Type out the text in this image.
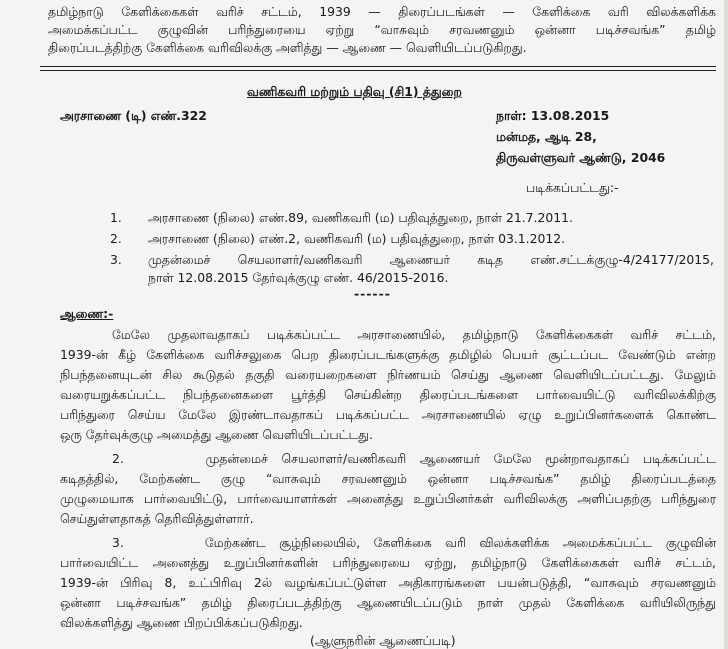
தமிழ்நாடு கேளிக்கைகள் வரிச் சட்டம், 1939 — திரைப்படங்கள் — கேளிக்கை வரி விலக்களிக்க
அமைக்கப்பட்ட குழுவின் பரிந்துரையை ஏற்று “வாசுவும் சரவணனும் ஒன்னா படிச்சவங்க” தமிழ்
திரைப்படத்திற்கு கேளிக்கை வரிவிலக்கு அளித்து — ஆணை — வெளியிடப்படுகிறது.
வணிகவரி மற்றும் பதிவு (சி1) த்துறை
அரசாணை (டி) எண்.322	நாள்: 13.08.2015
மன்மத, ஆடி 28,
திருவள்ளுவர் ஆண்டு, 2046
படிக்கப்பட்டது:-
1. அரசாணை (நிலை) எண்.89, வணிகவரி (ம) பதிவுத்துறை, நாள் 21.7.2011.
2. அரசாணை (நிலை) எண்.2, வணிகவரி (ம) பதிவுத்துறை, நாள் 03.1.2012.
3. முதன்மைச் செயலாளர்/வணிகவரி ஆணையர் கடித எண்.சட்டக்குழு-4/24177/2015,
நாள் 12.08.2015 தேர்வுக்குழு எண். 46/2015-2016.
------
ஆணை:-
மேலே முதலாவதாகப் படிக்கப்பட்ட அரசாணையில், தமிழ்நாடு கேளிக்கைகள் வரிச் சட்டம்,
1939-ன் கீழ் கேளிக்கை வரிச்சலுகை பெற திரைப்படங்களுக்கு தமிழில் பெயர் சூட்டப்பட வேண்டும் என்ற
நிபந்தனையுடன் சில கூடுதல் தகுதி வரையறைகளை நிர்ணயம் செய்து ஆணை வெளியிடப்பட்டது. மேலும்
வரையறுக்கப்பட்ட நிபந்தனைகளை பூர்த்தி செய்கின்ற திரைப்படங்களை பார்வையிட்டு வரிவிலக்கிற்கு
பரிந்துரை செய்ய மேலே இரண்டாவதாகப் படிக்கப்பட்ட அரசாணையில் ஏழு உறுப்பினர்களைக் கொண்ட
ஒரு தேர்வுக்குழு அமைத்து ஆணை வெளியிடப்பட்டது.
2.      முதன்மைச் செயலாளர்/வணிகவரி ஆணையர் மேலே மூன்றாவதாகப் படிக்கப்பட்ட
கடிதத்தில், மேற்கண்ட குழு “வாசுவும் சரவணனும் ஒன்னா படிச்சவங்க” தமிழ் திரைப்படத்தை
முழுமையாக பார்வையிட்டு, பார்வையாளர்கள் அனைத்து உறுப்பினர்கள் வரிவிலக்கு அளிப்பதற்கு பரிந்துரை
செய்துள்ளதாகத் தெரிவித்துள்ளார்.
3.      மேற்கண்ட சூழ்நிலையில், கேளிக்கை வரி விலக்களிக்க அமைக்கப்பட்ட குழுவின்
பார்வையிட்ட அனைத்து உறுப்பினர்களின் பரிந்துரையை ஏற்று, தமிழ்நாடு கேளிக்கைகள் வரிச் சட்டம்,
1939-ன் பிரிவு 8, உட்பிரிவு 2ல் வழங்கப்பட்டுள்ள அதிகாரங்களை பயன்படுத்தி, “வாசுவும் சரவணனும்
ஒன்னா படிச்சவங்க” தமிழ் திரைப்படத்திற்கு ஆணையிடப்படும் நாள் முதல் கேளிக்கை வரியிலிருந்து
விலக்களித்து ஆணை பிறப்பிக்கப்படுகிறது.
(ஆளுநரின் ஆணைப்படி)
